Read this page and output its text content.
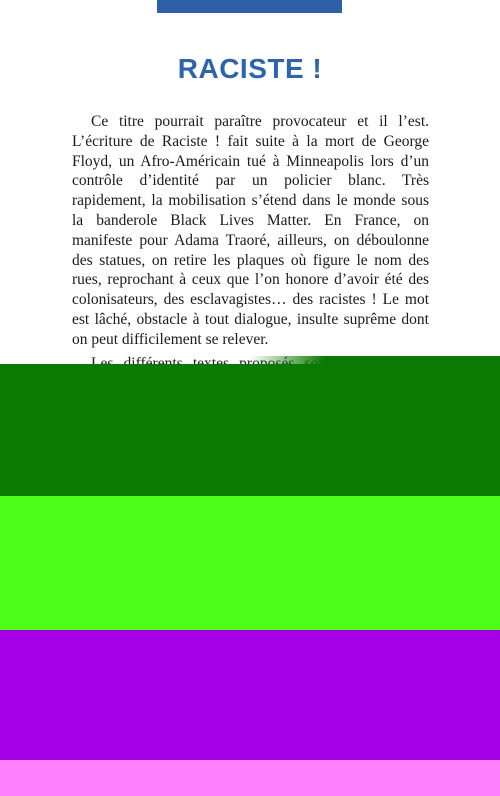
RACISTE !

Ce titre pourrait paraître provocateur et il l’est. L’écriture de Raciste ! fait suite à la mort de George Floyd, un Afro-Américain tué à Minneapolis lors d’un contrôle d’identité par un policier blanc. Très rapidement, la mobilisation s’étend dans le monde sous la banderole Black Lives Matter. En France, on manifeste pour Adama Traoré, ailleurs, on déboulonne des statues, on retire les plaques où figure le nom des rues, reprochant à ceux que l’on honore d’avoir été des colonisateurs, des esclavagistes… des racistes ! Le mot est lâché, obstacle à tout dialogue, insulte suprême dont on peut difficilement se relever.
